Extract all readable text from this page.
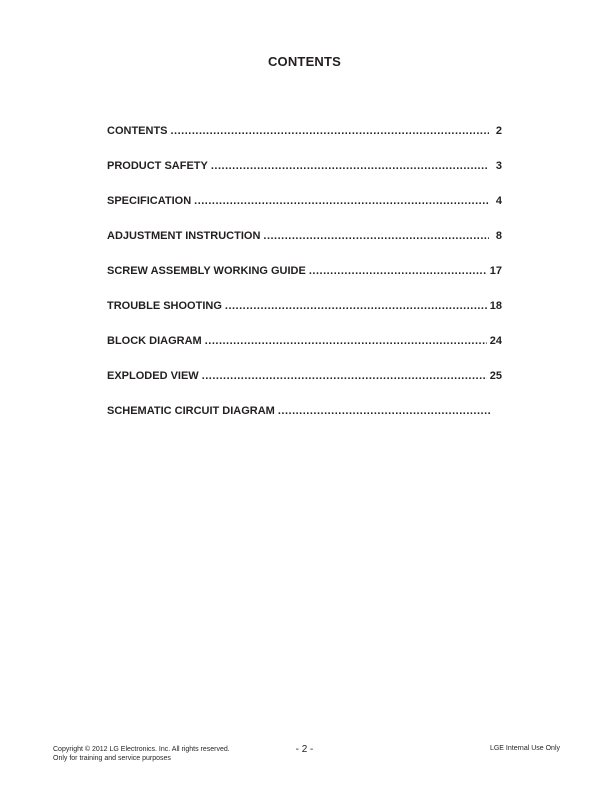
CONTENTS
CONTENTS .....	2
PRODUCT SAFETY .....	3
SPECIFICATION .....	4
ADJUSTMENT INSTRUCTION .....	8
SCREW ASSEMBLY WORKING GUIDE .....	17
TROUBLE SHOOTING .....	18
BLOCK DIAGRAM .....	24
EXPLODED VIEW .....	25
SCHEMATIC CIRCUIT DIAGRAM
.....
Copyright © 2012 LG Electronics. Inc. All rights reserved.
Only for training and service purposes
- 2 -	LGE Internal Use Only
